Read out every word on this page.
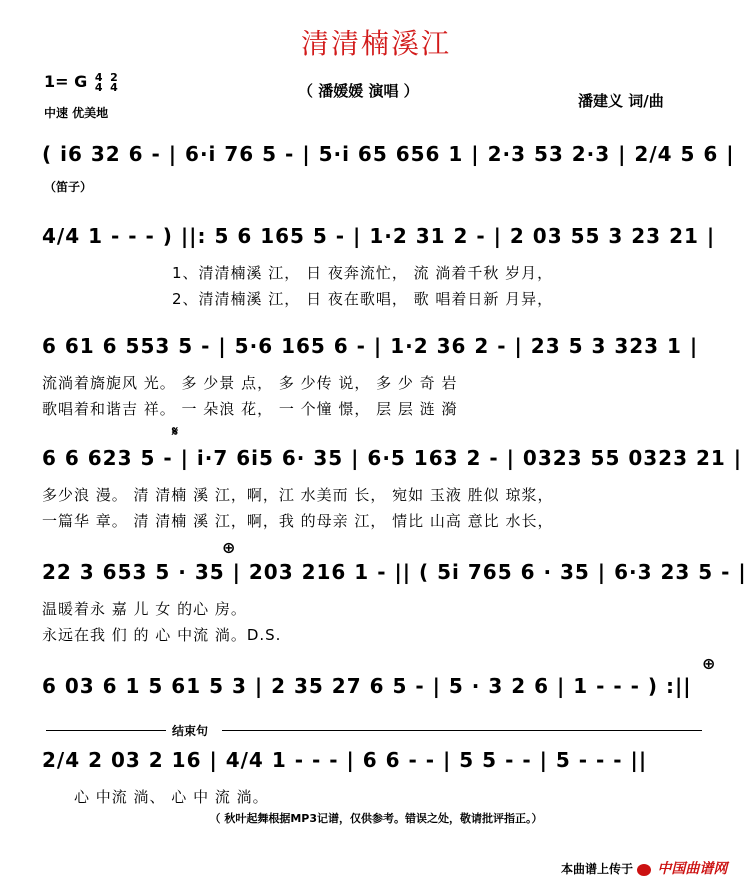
清清楠溪江
1= G 4
4 2
4
中速 优美地
（ 潘媛媛 演唱 ）
潘建义 词/曲
( i6 32 6 - | 6·i 76 5 - | 5·i 65 656 1 | 2·3 53 2·3 | 2/4 5 6 |
（笛子）
4/4 1 - - - ) ||: 5 6 165 5 - | 1·2 31 2 - | 2 03 55 3 23 21 |
1、清清楠溪 江， 日 夜奔流忙， 流 淌着千秋 岁月，
2、清清楠溪 江， 日 夜在歌唱， 歌 唱着日新 月异，
6 61 6 553 5 - | 5·6 165 6 - | 1·2 36 2 - | 23 5 3 323 1 |
流淌着旖旎风 光。 多 少景 点， 多 少传 说， 多 少 奇 岩
歌唱着和谐吉 祥。 一 朵浪 花， 一 个憧 憬， 层 层 涟 漪
𝄋
6 6 623 5 - | i·7 6i5 6· 35 | 6·5 163 2 - | 0323 55 0323 21 |
多少浪 漫。 清 清楠 溪 江，啊，江 水美而 长， 宛如 玉液 胜似 琼浆，
一篇华 章。 清 清楠 溪 江，啊，我 的母亲 江， 情比 山高 意比 水长，
⊕
22 3 653 5 · 35 | 203 216 1 - || ( 5i 765 6 · 35 | 6·3 23 5 - |
温暖着永 嘉 儿 女 的心 房。
永远在我 们 的 心 中流 淌。D.S.
⊕
6 03 6 1 5 61 5 3 | 2 35 27 6 5 - | 5 · 3 2 6 | 1 - - - ) :||
结束句
2/4 2 03 2 16 | 4/4 1 - - - | 6 6 - - | 5 5 - - | 5 - - - ||
心 中流 淌、 心 中 流 淌。
（ 秋叶起舞根据MP3记谱，仅供参考。错误之处，敬请批评指正。）
本曲谱上传于 中国曲谱网
